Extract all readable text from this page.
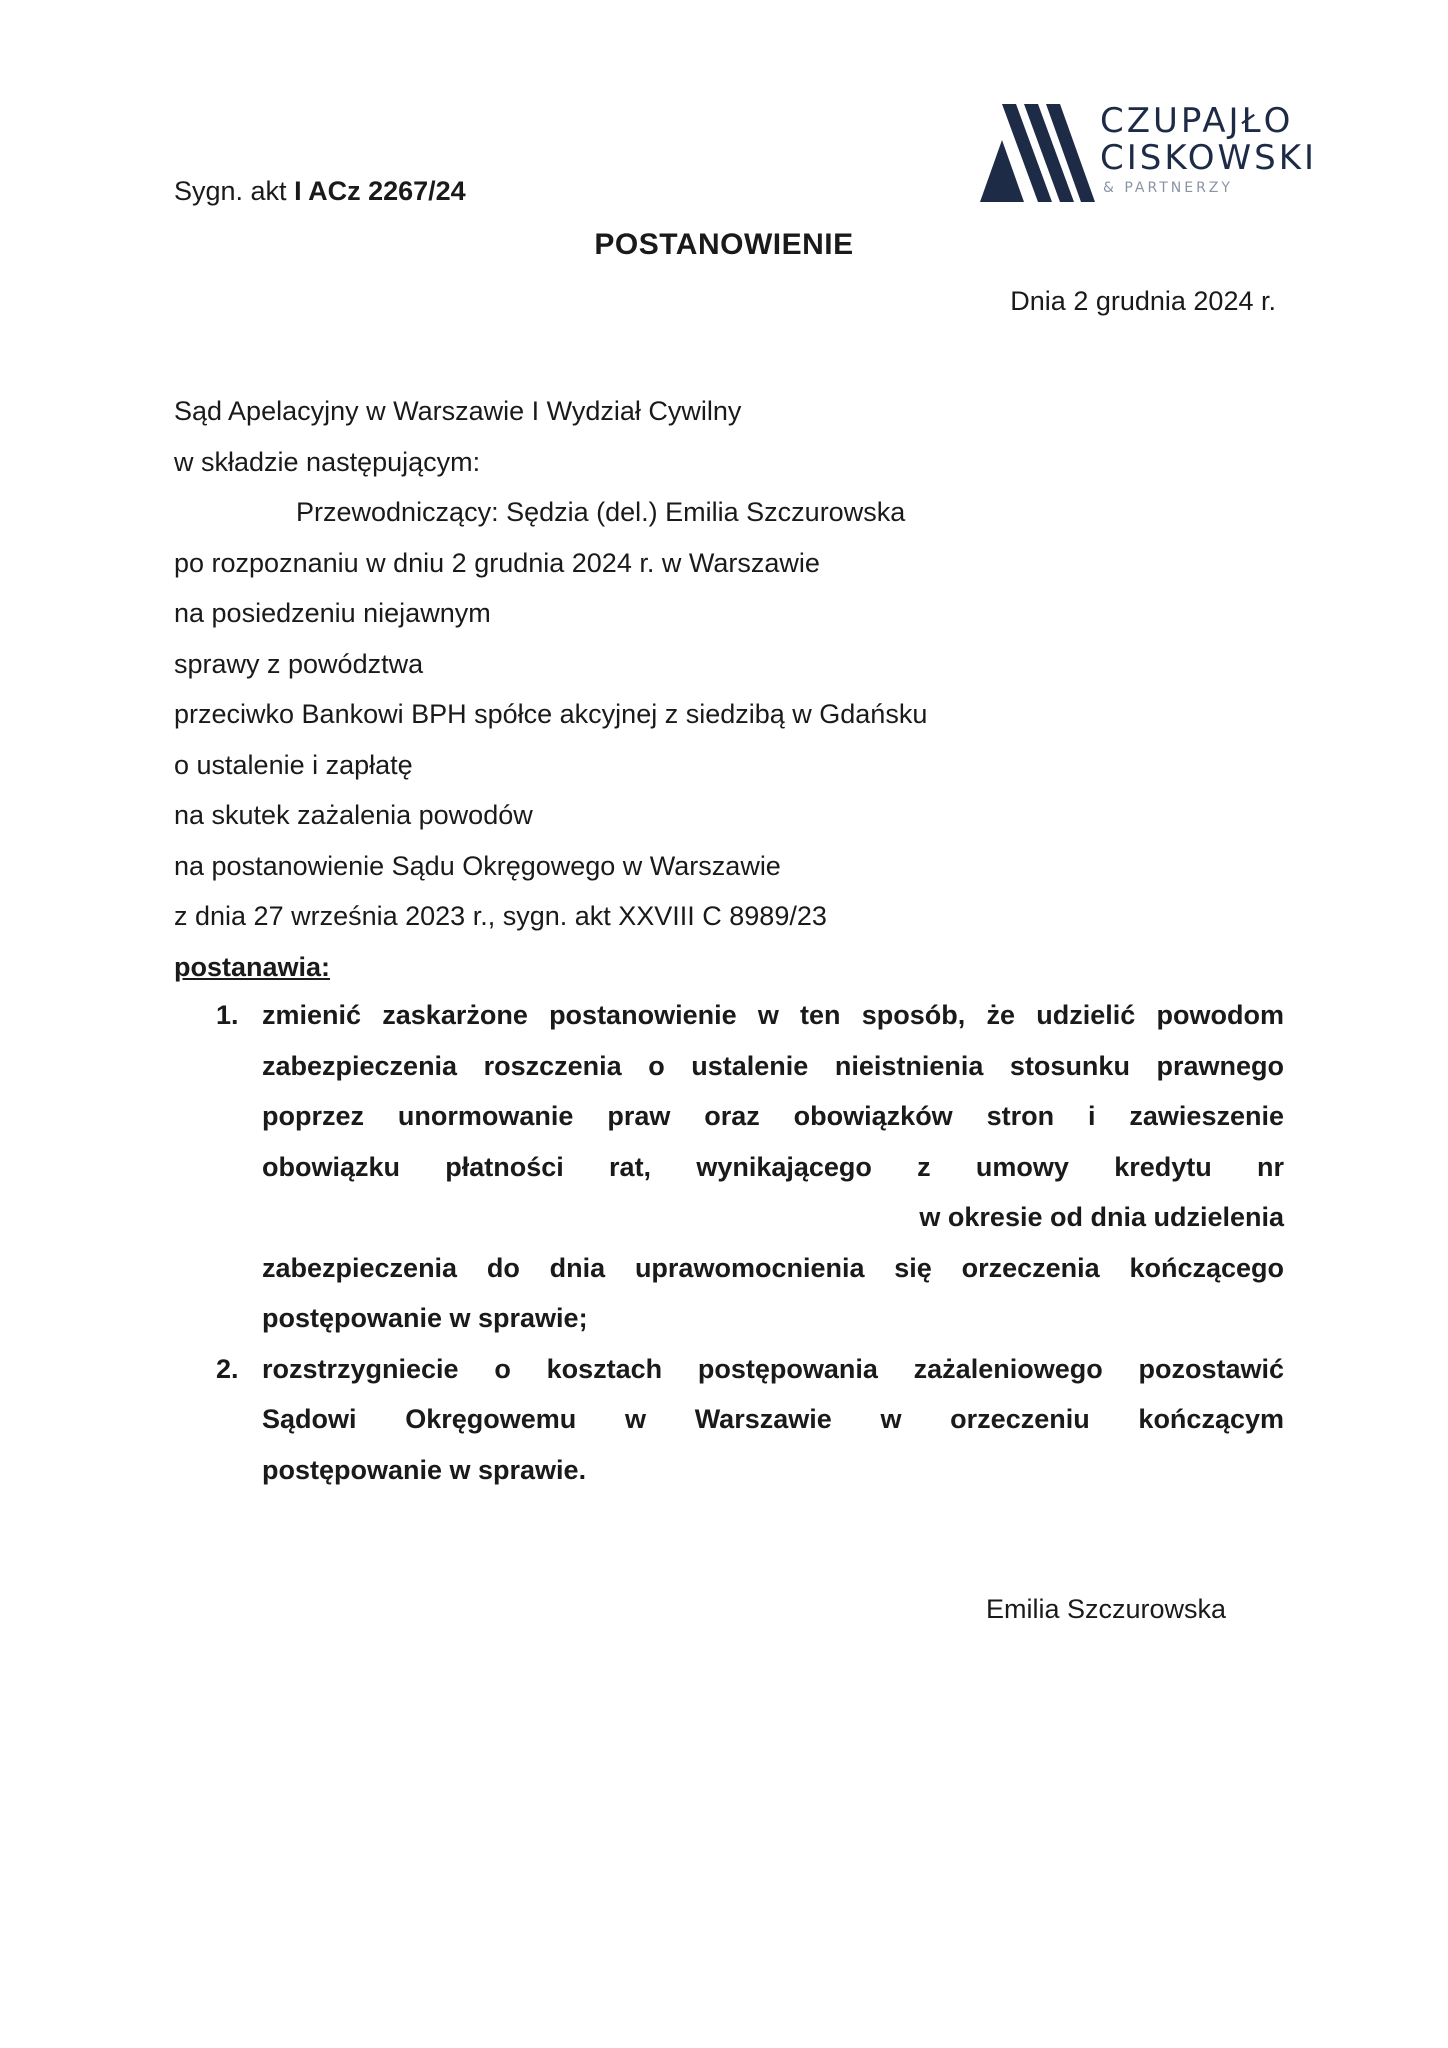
CZUPAJŁO
CISKOWSKI
& PARTNERZY
Sygn. akt I ACz 2267/24
POSTANOWIENIE
Dnia 2 grudnia 2024 r.
Sąd Apelacyjny w Warszawie I Wydział Cywilny
w składzie następującym:
Przewodniczący: Sędzia (del.) Emilia Szczurowska
po rozpoznaniu w dniu 2 grudnia 2024 r. w Warszawie
na posiedzeniu niejawnym
sprawy z powództwa
przeciwko Bankowi BPH spółce akcyjnej z siedzibą w Gdańsku
o ustalenie i zapłatę
na skutek zażalenia powodów
na postanowienie Sądu Okręgowego w Warszawie
z dnia 27 września 2023 r., sygn. akt XXVIII C 8989/23
postanawia:
1. zmienić zaskarżone postanowienie w ten sposób, że udzielić powodom
zabezpieczenia roszczenia o ustalenie nieistnienia stosunku prawnego
poprzez unormowanie praw oraz obowiązków stron i zawieszenie
obowiązku płatności rat, wynikającego z umowy kredytu nr
w okresie od dnia udzielenia
zabezpieczenia do dnia uprawomocnienia się orzeczenia kończącego
postępowanie w sprawie;
2. rozstrzygniecie o kosztach postępowania zażaleniowego pozostawić
Sądowi Okręgowemu w Warszawie w orzeczeniu kończącym
postępowanie w sprawie.
Emilia Szczurowska
